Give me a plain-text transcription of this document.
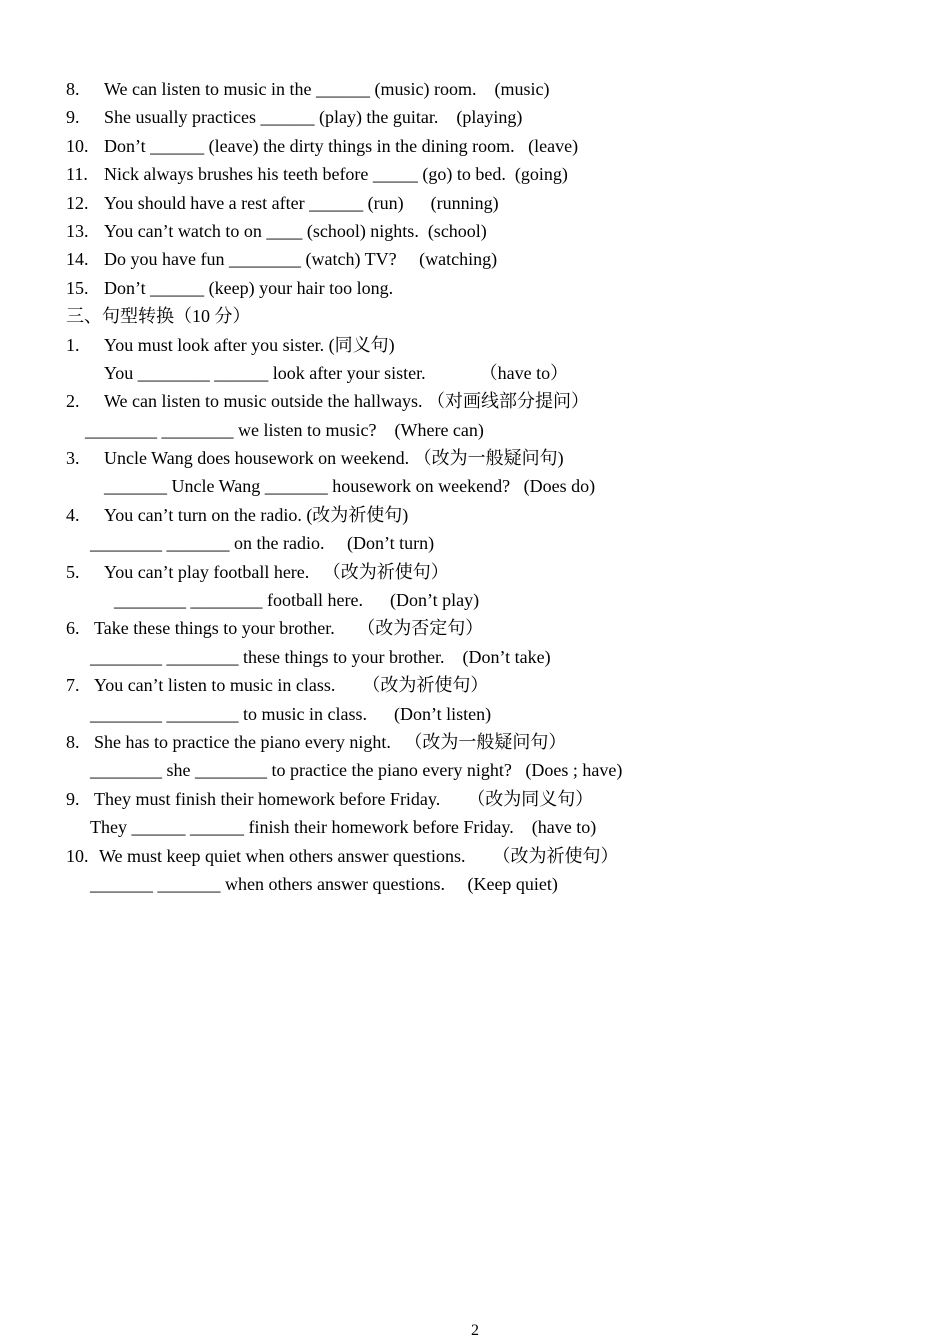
8. We can listen to music in the ______ (music) room.    (music)
9. She usually practices ______ (play) the guitar.    (playing)
10. Don’t ______ (leave) the dirty things in the dining room.   (leave)
11. Nick always brushes his teeth before _____ (go) to bed.  (going)
12. You should have a rest after ______ (run)      (running)
13. You can’t watch to on ____ (school) nights.  (school)
14. Do you have fun ________ (watch) TV?     (watching)
15. Don’t ______ (keep) your hair too long.
三、句型转换（10 分）
1. You must look after you sister. (同义句)
You ________ ______ look after your sister.            （have to）
2. We can listen to music outside the hallways. （对画线部分提问）
________ ________ we listen to music?    (Where can)
3. Uncle Wang does housework on weekend. （改为一般疑问句)
_______ Uncle Wang _______ housework on weekend?   (Does do)
4. You can’t turn on the radio. (改为祈使句)
________ _______ on the radio.     (Don’t turn)
5. You can’t play football here.   （改为祈使句）
________ ________ football here.      (Don’t play)
6. Take these things to your brother.     （改为否定句）
________ ________ these things to your brother.    (Don’t take)
7. You can’t listen to music in class.      （改为祈使句）
________ ________ to music in class.      (Don’t listen)
8. She has to practice the piano every night.   （改为一般疑问句）
________ she ________ to practice the piano every night?   (Does ; have)
9. They must finish their homework before Friday.      （改为同义句）
They ______ ______ finish their homework before Friday.    (have to)
10. We must keep quiet when others answer questions.      （改为祈使句）
_______ _______ when others answer questions.     (Keep quiet)
2
